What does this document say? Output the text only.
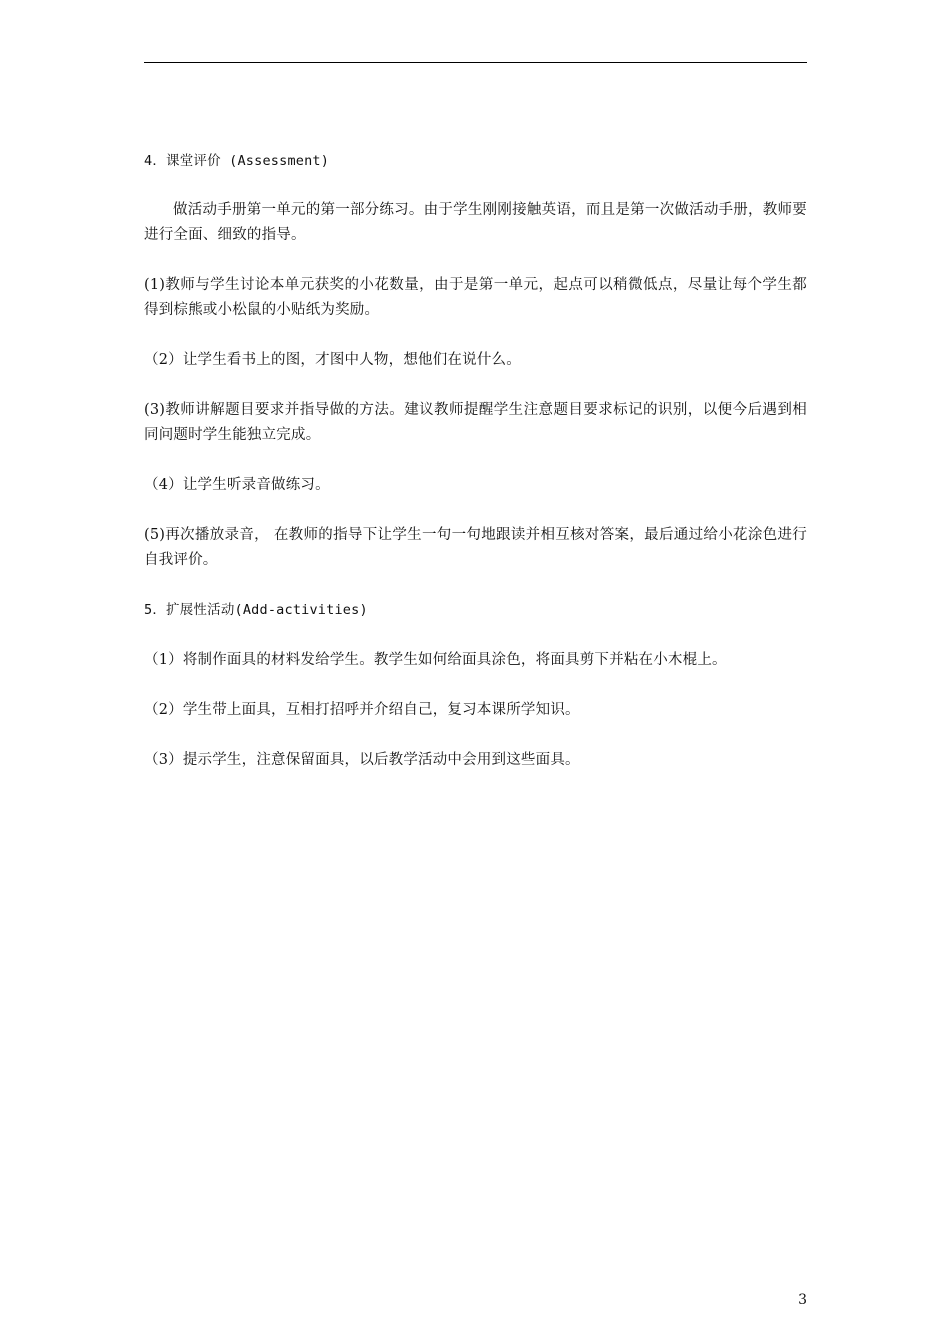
4．课堂评价 (Assessment)

做活动手册第一单元的第一部分练习。由于学生刚刚接触英语，而且是第一次做活动手册，教师要进行全面、细致的指导。

(1)教师与学生讨论本单元获奖的小花数量，由于是第一单元，起点可以稍微低点，尽量让每个学生都得到棕熊或小松鼠的小贴纸为奖励。

（2）让学生看书上的图，才图中人物，想他们在说什么。

(3)教师讲解题目要求并指导做的方法。建议教师提醒学生注意题目要求标记的识别，以便今后遇到相同问题时学生能独立完成。

（4）让学生听录音做练习。

(5)再次播放录音， 在教师的指导下让学生一句一句地跟读并相互核对答案，最后通过给小花涂色进行自我评价。

5．扩展性活动(Add-activities)

（1）将制作面具的材料发给学生。教学生如何给面具涂色，将面具剪下并粘在小木棍上。

（2）学生带上面具，互相打招呼并介绍自己，复习本课所学知识。

（3）提示学生，注意保留面具，以后教学活动中会用到这些面具。

3
